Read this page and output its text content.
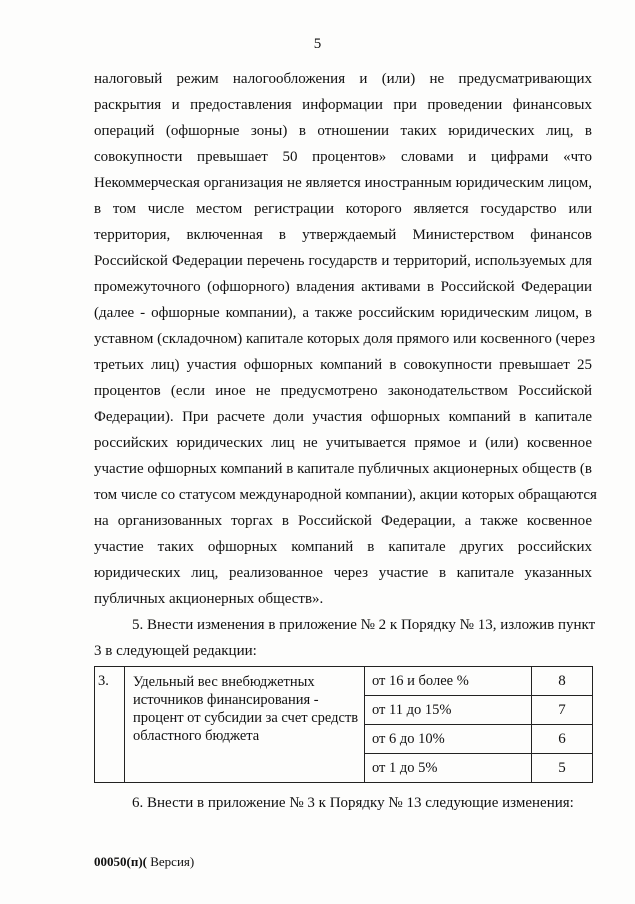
5
налоговый режим налогообложения и (или) не предусматривающих
раскрытия и предоставления информации при проведении финансовых
операций (офшорные зоны) в отношении таких юридических лиц, в
совокупности превышает 50 процентов» словами и цифрами «что
Некоммерческая организация не является иностранным юридическим лицом,
в том числе местом регистрации которого является государство или
территория, включенная в утверждаемый Министерством финансов
Российской Федерации перечень государств и территорий, используемых для
промежуточного (офшорного) владения активами в Российской Федерации
(далее - офшорные компании), а также российским юридическим лицом, в
уставном (складочном) капитале которых доля прямого или косвенного (через
третьих лиц) участия офшорных компаний в совокупности превышает 25
процентов (если иное не предусмотрено законодательством Российской
Федерации). При расчете доли участия офшорных компаний в капитале
российских юридических лиц не учитывается прямое и (или) косвенное
участие офшорных компаний в капитале публичных акционерных обществ (в
том числе со статусом международной компании), акции которых обращаются
на организованных торгах в Российской Федерации, а также косвенное
участие таких офшорных компаний в капитале других российских
юридических лиц, реализованное через участие в капитале указанных
публичных акционерных обществ».
5. Внести изменения в приложение № 2 к Порядку № 13, изложив пункт
3 в следующей редакции:
3.	Удельный вес внебюджетных источников финансирования - процент от субсидии за счет средств областного бюджета	от 16 и более %	8
		от 11 до 15%	7
		от 6 до 10%	6
		от 1 до 5%	5
6. Внести в приложение № 3 к Порядку № 13 следующие изменения:
00050(п)( Версия)
